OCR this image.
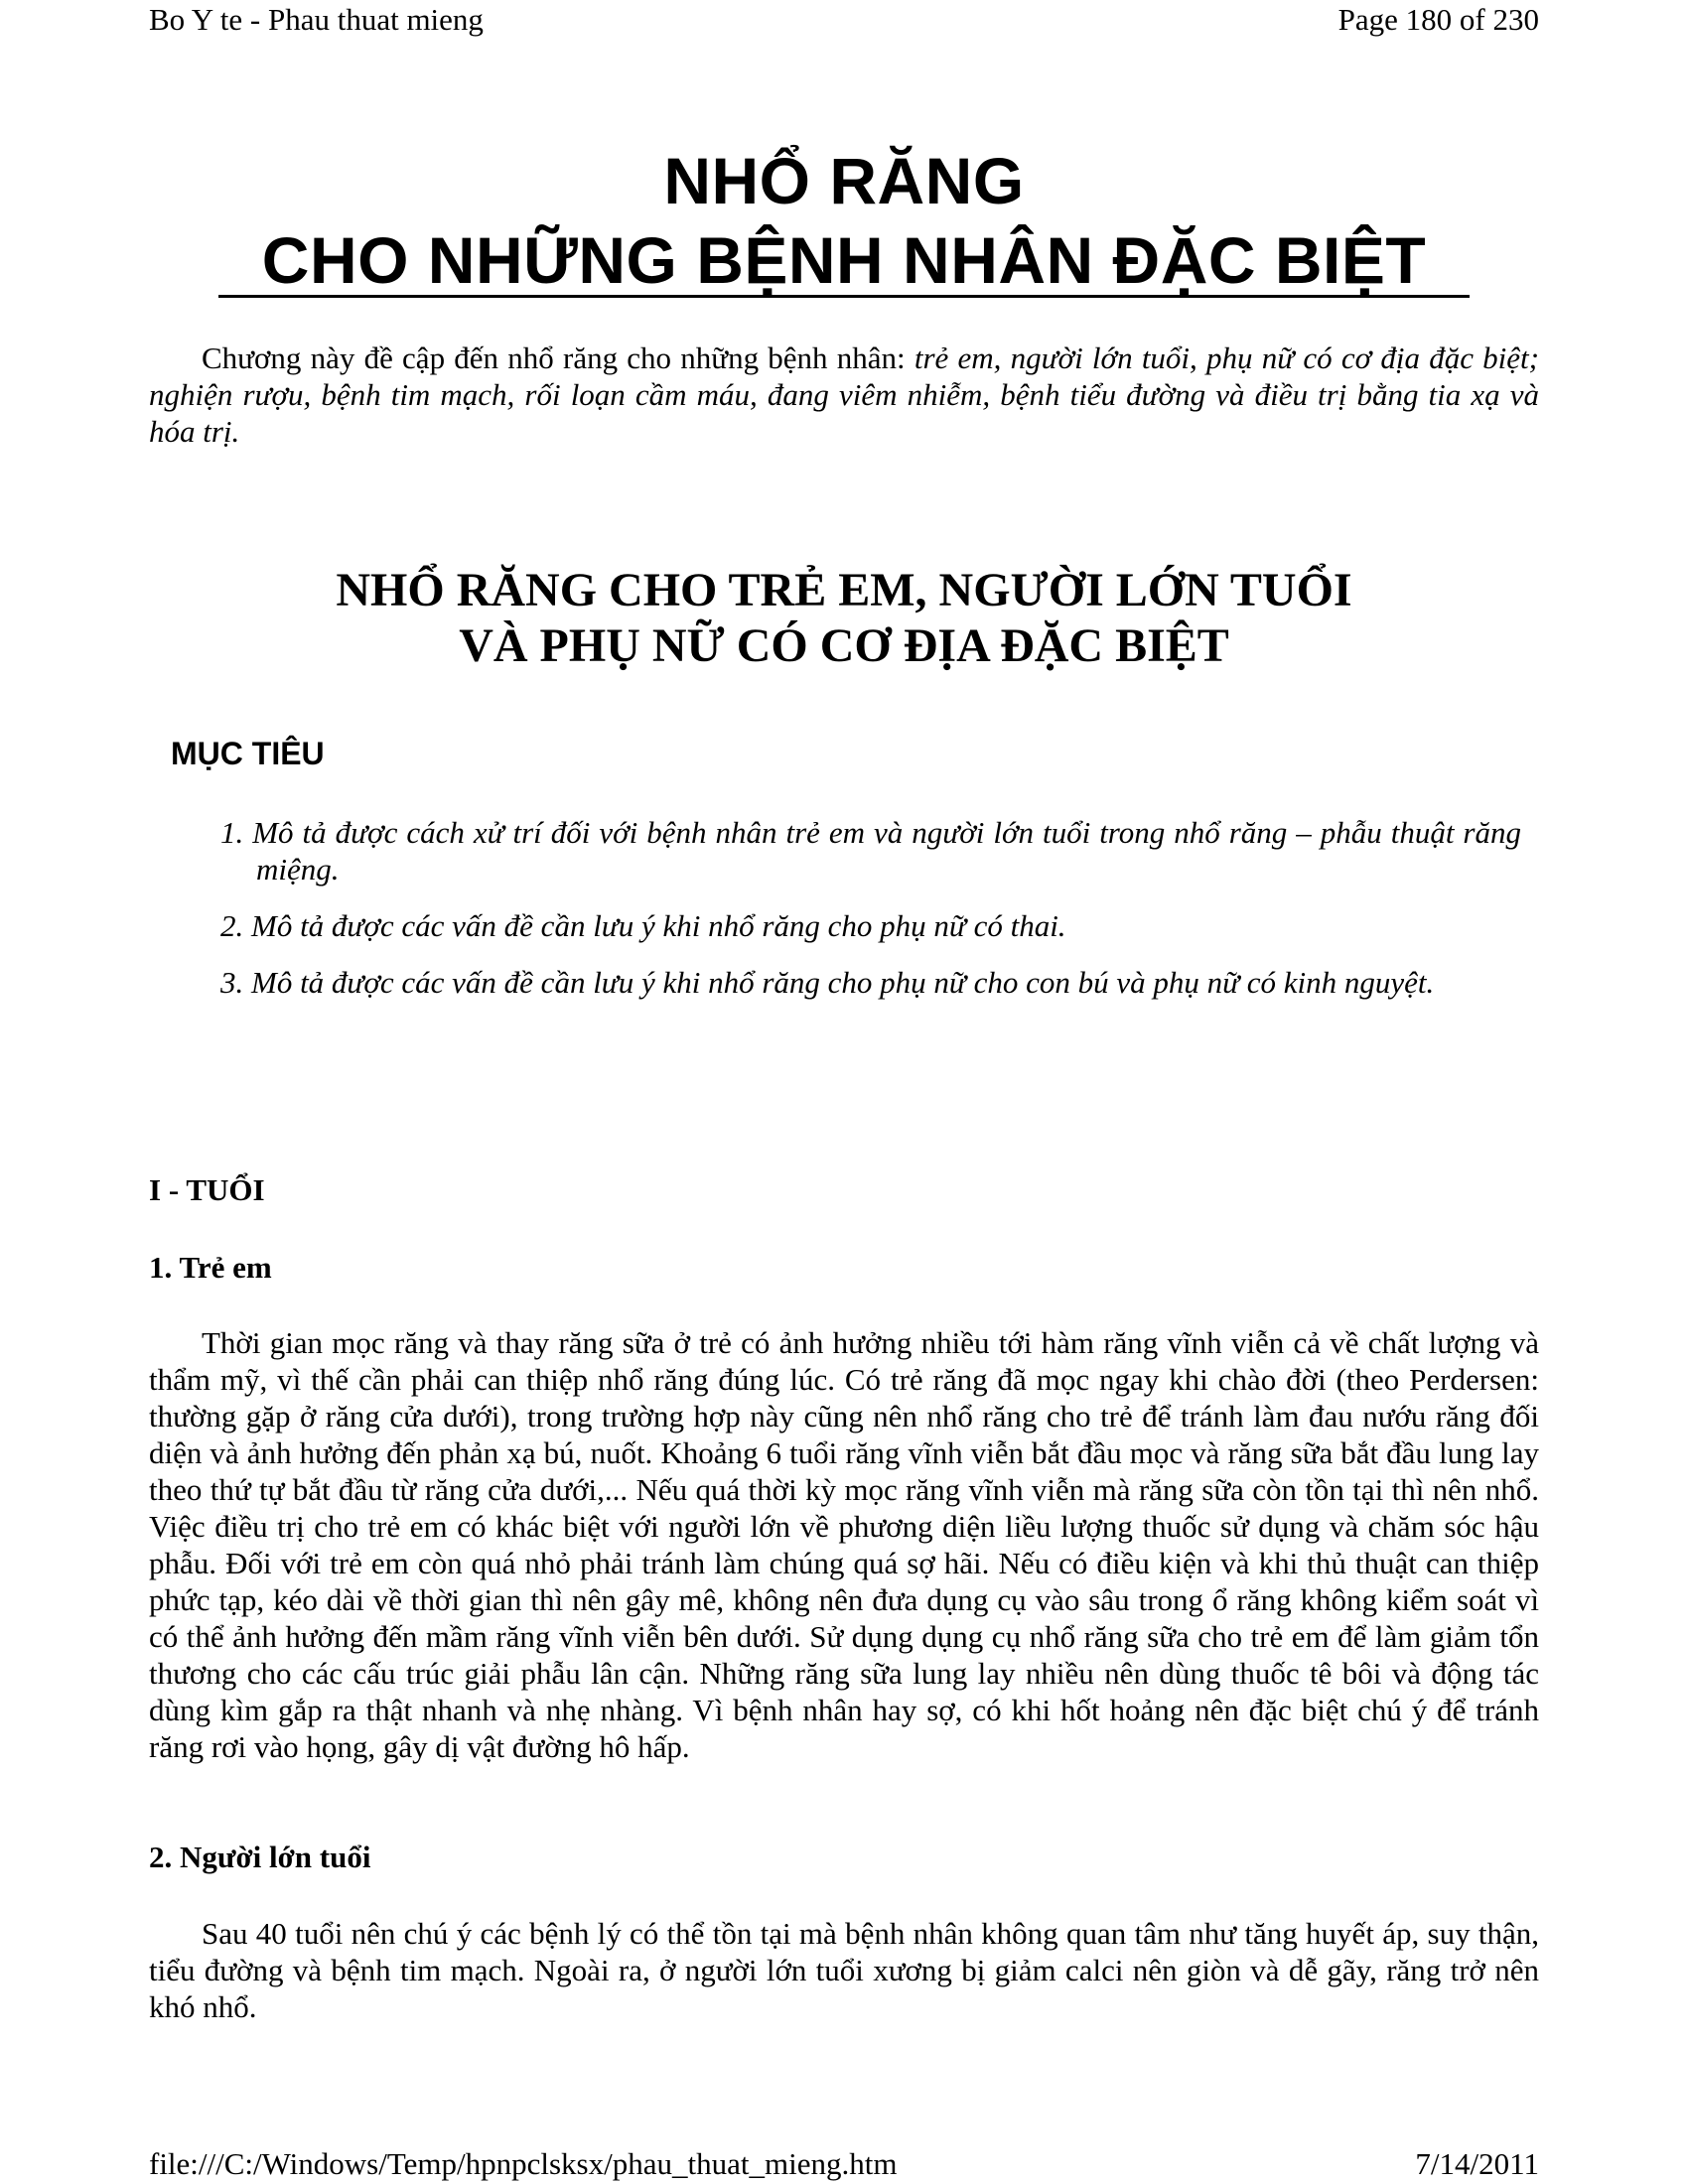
Bo Y te - Phau thuat mieng	Page 180 of 230
NHỔ RĂNG
CHO NHỮNG BỆNH NHÂN ĐẶC BIỆT

Chương này đề cập đến nhổ răng cho những bệnh nhân: trẻ em, người lớn tuổi, phụ nữ có cơ địa đặc biệt; nghiện rượu, bệnh tim mạch, rối loạn cầm máu, đang viêm nhiễm, bệnh tiểu đường và điều trị bằng tia xạ và hóa trị.

NHỔ RĂNG CHO TRẺ EM, NGƯỜI LỚN TUỔI
VÀ PHỤ NỮ CÓ CƠ ĐỊA ĐẶC BIỆT
MỤC TIÊU
1. Mô tả được cách xử trí đối với bệnh nhân trẻ em và người lớn tuổi trong nhổ răng – phẫu thuật răng miệng.
2. Mô tả được các vấn đề cần lưu ý khi nhổ răng cho phụ nữ có thai.
3. Mô tả được các vấn đề cần lưu ý khi nhổ răng cho phụ nữ cho con bú và phụ nữ có kinh nguyệt.
I - TUỔI
1. Trẻ em

Thời gian mọc răng và thay răng sữa ở trẻ có ảnh hưởng nhiều tới hàm răng vĩnh viễn cả về chất lượng và thẩm mỹ, vì thế cần phải can thiệp nhổ răng đúng lúc. Có trẻ răng đã mọc ngay khi chào đời (theo Perdersen: thường gặp ở răng cửa dưới), trong trường hợp này cũng nên nhổ răng cho trẻ để tránh làm đau nướu răng đối diện và ảnh hưởng đến phản xạ bú, nuốt. Khoảng 6 tuổi răng vĩnh viễn bắt đầu mọc và răng sữa bắt đầu lung lay theo thứ tự bắt đầu từ răng cửa dưới,... Nếu quá thời kỳ mọc răng vĩnh viễn mà răng sữa còn tồn tại thì nên nhổ. Việc điều trị cho trẻ em có khác biệt với người lớn về phương diện liều lượng thuốc sử dụng và chăm sóc hậu phẫu. Đối với trẻ em còn quá nhỏ phải tránh làm chúng quá sợ hãi. Nếu có điều kiện và khi thủ thuật can thiệp phức tạp, kéo dài về thời gian thì nên gây mê, không nên đưa dụng cụ vào sâu trong ổ răng không kiểm soát vì có thể ảnh hưởng đến mầm răng vĩnh viễn bên dưới. Sử dụng dụng cụ nhổ răng sữa cho trẻ em để làm giảm tổn thương cho các cấu trúc giải phẫu lân cận. Những răng sữa lung lay nhiều nên dùng thuốc tê bôi và động tác dùng kìm gắp ra thật nhanh và nhẹ nhàng. Vì bệnh nhân hay sợ, có khi hốt hoảng nên đặc biệt chú ý để tránh răng rơi vào họng, gây dị vật đường hô hấp.

2. Người lớn tuổi

Sau 40 tuổi nên chú ý các bệnh lý có thể tồn tại mà bệnh nhân không quan tâm như tăng huyết áp, suy thận, tiểu đường và bệnh tim mạch. Ngoài ra, ở người lớn tuổi xương bị giảm calci nên giòn và dễ gãy, răng trở nên khó nhổ.

file:///C:/Windows/Temp/hpnpclsksx/phau_thuat_mieng.htm	7/14/2011
